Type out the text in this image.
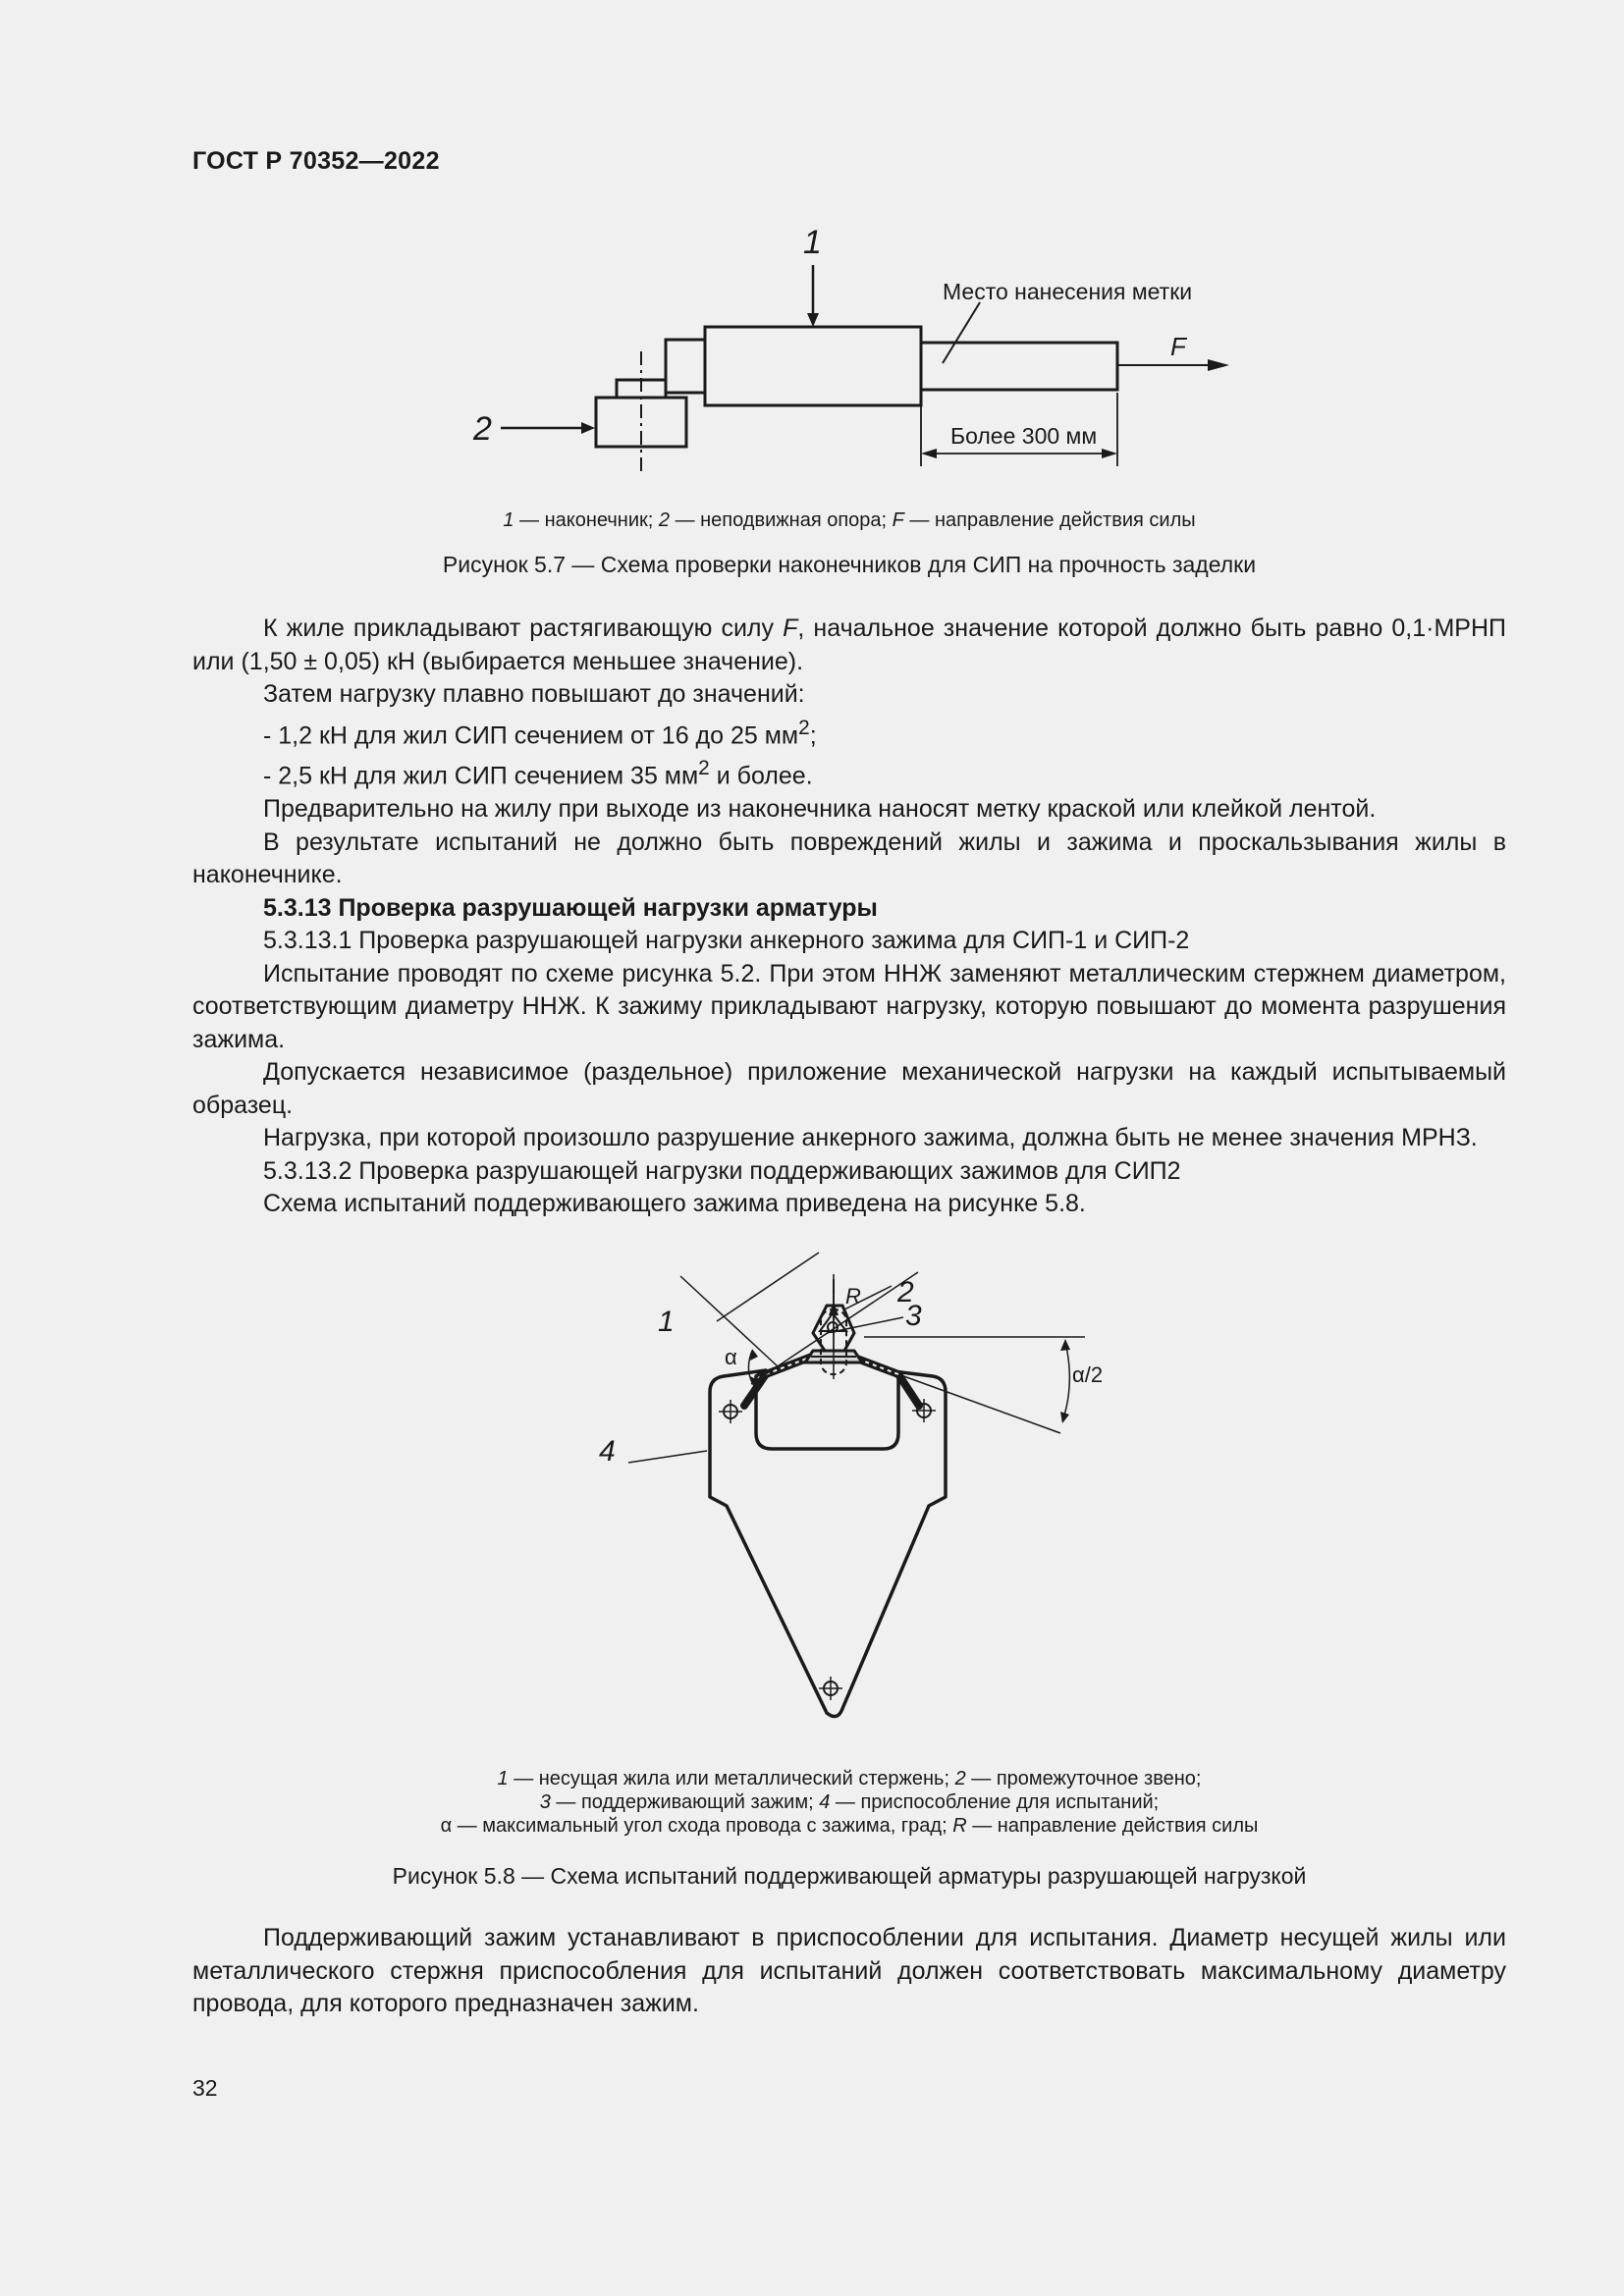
ГОСТ Р 70352—2022
1
2
F
Место нанесения метки
Более 300 мм
1 — наконечник; 2 — неподвижная опора; F — направление действия силы
Рисунок 5.7 — Схема проверки наконечников для СИП на прочность заделки

К жиле прикладывают растягивающую силу F, начальное значение которой должно быть равно 0,1·МРНП или (1,50 ± 0,05) кН (выбирается меньшее значение).

Затем нагрузку плавно повышают до значений:

- 1,2 кН для жил СИП сечением от 16 до 25 $мм^2$;

- 2,5 кН для жил СИП сечением 35 $мм^2$ и более.

Предварительно на жилу при выходе из наконечника наносят метку краской или клейкой лентой.

В результате испытаний не должно быть повреждений жилы и зажима и проскальзывания жилы в наконечнике.

5.3.13 Проверка разрушающей нагрузки арматуры

5.3.13.1 Проверка разрушающей нагрузки анкерного зажима для СИП-1 и СИП-2

Испытание проводят по схеме рисунка 5.2. При этом ННЖ заменяют металлическим стержнем диаметром, соответствующим диаметру ННЖ. К зажиму прикладывают нагрузку, которую повышают до момента разрушения зажима.

Допускается независимое (раздельное) приложение механической нагрузки на каждый испытываемый образец.

Нагрузка, при которой произошло разрушение анкерного зажима, должна быть не менее значения МРНЗ.

5.3.13.2 Проверка разрушающей нагрузки поддерживающих зажимов для СИП2

Схема испытаний поддерживающего зажима приведена на рисунке 5.8.

R 2
1	3
4
α
α/2
1 — несущая жила или металлический стержень; 2 — промежуточное звено;
3 — поддерживающий зажим; 4 — приспособление для испытаний;
α — максимальный угол схода провода с зажима, град; R — направление действия силы
Рисунок 5.8 — Схема испытаний поддерживающей арматуры разрушающей нагрузкой

Поддерживающий зажим устанавливают в приспособлении для испытания. Диаметр несущей жилы или металлического стержня приспособления для испытаний должен соответствовать максимальному диаметру провода, для которого предназначен зажим.

32
